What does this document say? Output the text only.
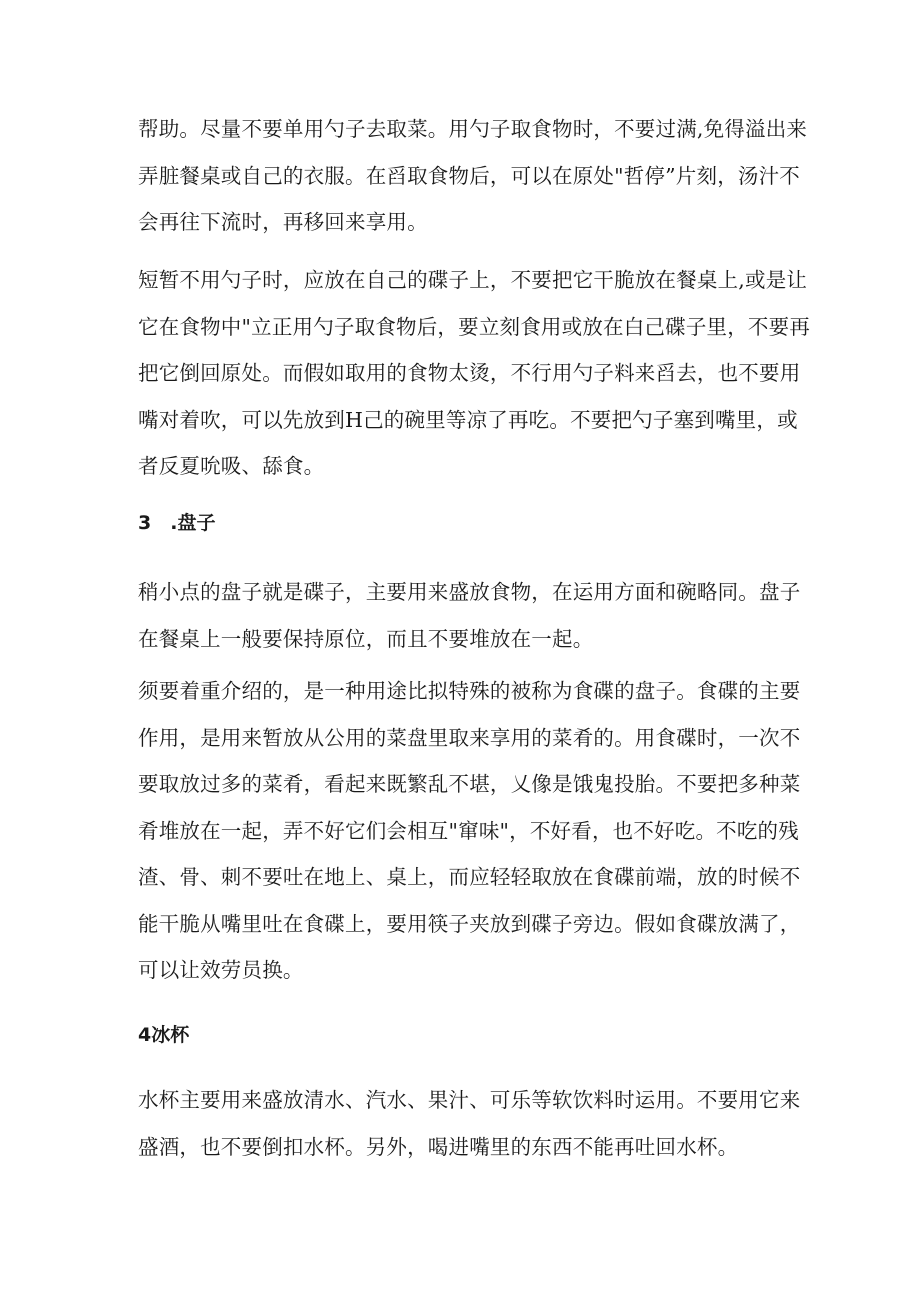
帮助。尽量不要单用勺子去取菜。用勺子取食物时，不要过满,免得溢出来
弄脏餐桌或自己的衣服。在舀取食物后，可以在原处"哲停”片刻，汤汁不
会再往下流时，再移回来享用。

短暂不用勺子时，应放在自己的碟子上，不要把它干脆放在餐桌上,或是让
它在食物中"立正用勺子取食物后，要立刻食用或放在白己碟子里，不要再
把它倒回原处。而假如取用的食物太烫，不行用勺子料来舀去，也不要用
嘴对着吹，可以先放到H己的碗里等凉了再吃。不要把勺子塞到嘴里，或
者反夏吮吸、舔食。

3 .盘子

稍小点的盘子就是碟子，主要用来盛放食物，在运用方面和碗略同。盘子
在餐桌上一般要保持原位，而且不要堆放在一起。

须要着重介绍的，是一种用途比拟特殊的被称为食碟的盘子。食碟的主要
作用，是用来暂放从公用的菜盘里取来享用的菜肴的。用食碟时，一次不
要取放过多的菜肴，看起来既繁乱不堪，乂像是饿鬼投胎。不要把多种菜
肴堆放在一起，弄不好它们会相互"窜味"，不好看，也不好吃。不吃的残
渣、骨、刺不要吐在地上、桌上，而应轻轻取放在食碟前端，放的时候不
能干脆从嘴里吐在食碟上，要用筷子夹放到碟子旁边。假如食碟放满了，
可以让效劳员换。

4冰杯

水杯主要用来盛放清水、汽水、果汁、可乐等软饮料时运用。不要用它来
盛酒，也不要倒扣水杯。另外，喝进嘴里的东西不能再吐回水杯。
